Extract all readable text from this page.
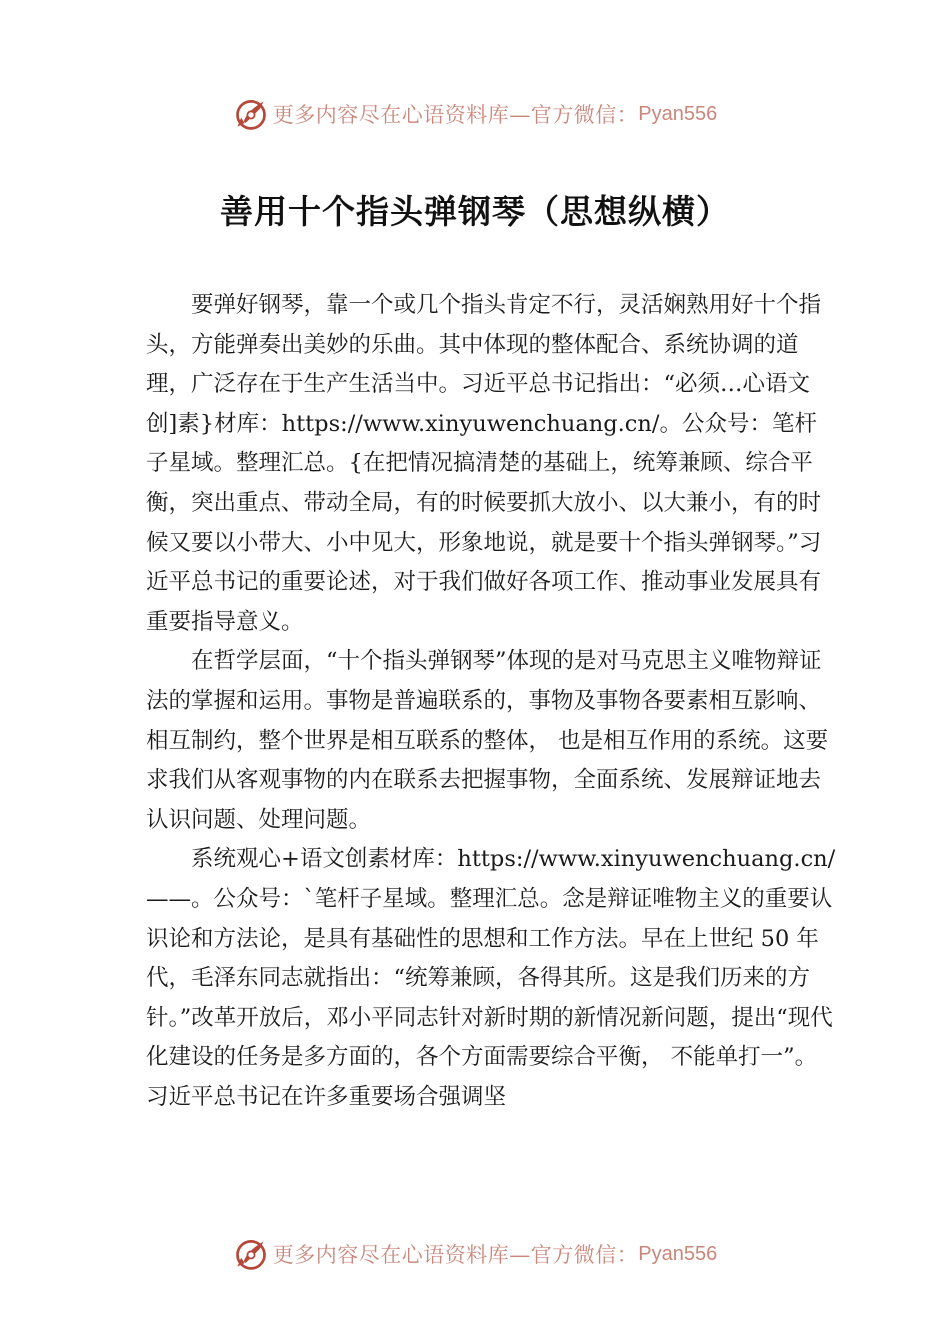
更多内容尽在心语资料库—官方微信： Pyan556
善用十个指头弹钢琴（思想纵横）

要弹好钢琴，靠一个或几个指头肯定不行，灵活娴熟用好十个指头，方能弹奏出美妙的乐曲。其中体现的整体配合、系统协调的道理，广泛存在于生产生活当中。习近平总书记指出：“必须…心语文创]素}材库：https://www.xinyuwenchuang.cn/。公众号：笔杆子星域。整理汇总。{在把情况搞清楚的基础上，统筹兼顾、综合平衡，突出重点、带动全局，有的时候要抓大放小、以大兼小，有的时候又要以小带大、小中见大，形象地说，就是要十个指头弹钢琴。”习近平总书记的重要论述，对于我们做好各项工作、推动事业发展具有重要指导意义。

在哲学层面，“十个指头弹钢琴”体现的是对马克思主义唯物辩证法的掌握和运用。事物是普遍联系的，事物及事物各要素相互影响、相互制约，整个世界是相互联系的整体， 也是相互作用的系统。这要求我们从客观事物的内在联系去把握事物，全面系统、发展辩证地去认识问题、处理问题。

系统观心+语文创素材库：https://www.xinyuwenchuang.cn/——。公众号：`笔杆子星域。整理汇总。念是辩证唯物主义的重要认识论和方法论，是具有基础性的思想和工作方法。早在上世纪 50 年代，毛泽东同志就指出：“统筹兼顾，各得其所。这是我们历来的方针。”改革开放后，邓小平同志针对新时期的新情况新问题，提出“现代化建设的任务是多方面的，各个方面需要综合平衡， 不能单打一”。习近平总书记在许多重要场合强调坚

更多内容尽在心语资料库—官方微信： Pyan556
